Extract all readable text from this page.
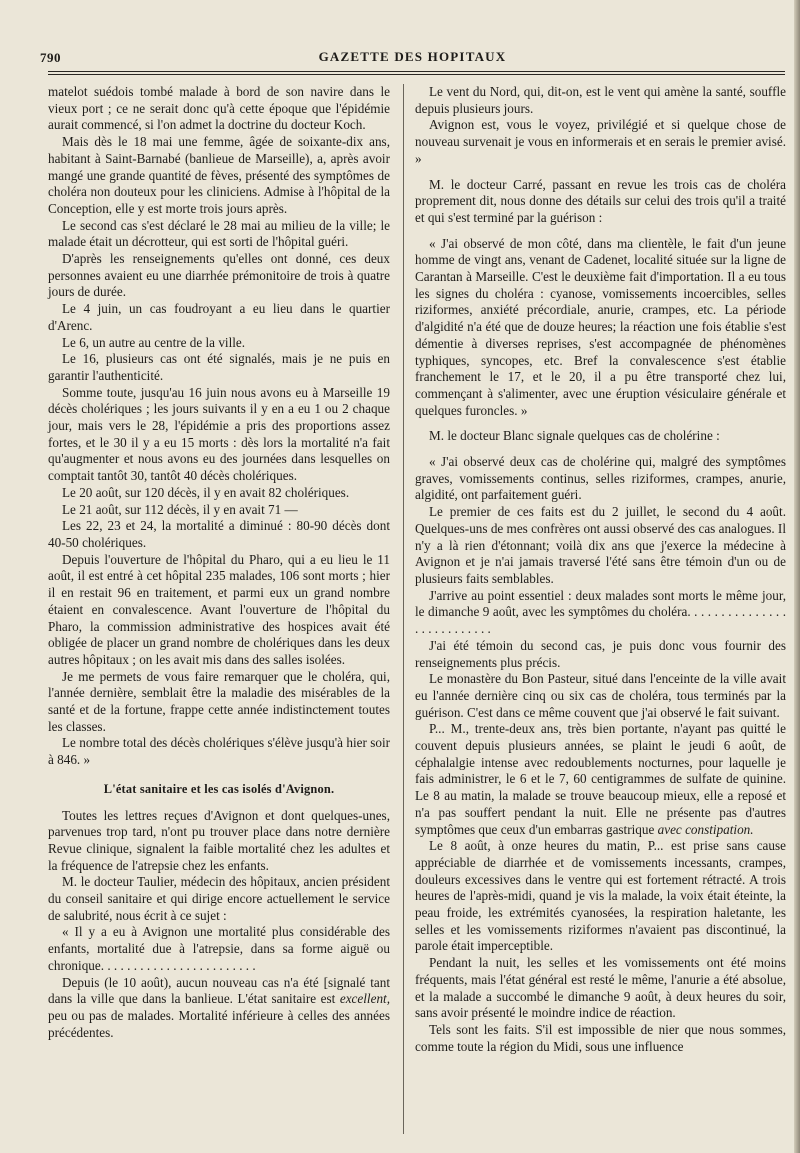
790	GAZETTE DES HOPITAUX

matelot suédois tombé malade à bord de son navire dans le vieux port ; ce ne serait donc qu'à cette époque que l'épidémie aurait commencé, si l'on admet la doctrine du docteur Koch.

Mais dès le 18 mai une femme, âgée de soixante-dix ans, habitant à Saint-Barnabé (banlieue de Marseille), a, après avoir mangé une grande quantité de fèves, présenté des symptômes de choléra non douteux pour les cliniciens. Admise à l'hôpital de la Conception, elle y est morte trois jours après.

Le second cas s'est déclaré le 28 mai au milieu de la ville; le malade était un décrotteur, qui est sorti de l'hôpital guéri.

D'après les renseignements qu'elles ont donné, ces deux personnes avaient eu une diarrhée prémonitoire de trois à quatre jours de durée.

Le 4 juin, un cas foudroyant a eu lieu dans le quartier d'Arenc.

Le 6, un autre au centre de la ville.

Le 16, plusieurs cas ont été signalés, mais je ne puis en garantir l'authenticité.

Somme toute, jusqu'au 16 juin nous avons eu à Marseille 19 décès cholériques ; les jours suivants il y en a eu 1 ou 2 chaque jour, mais vers le 28, l'épidémie a pris des proportions assez fortes, et le 30 il y a eu 15 morts : dès lors la mortalité n'a fait qu'augmenter et nous avons eu des journées dans lesquelles on comptait tantôt 30, tantôt 40 décès cholériques.

Le 20 août, sur 120 décès, il y en avait 82 cholériques.

Le 21 août, sur 112 décès, il y en avait 71 —

Les 22, 23 et 24, la mortalité a diminué : 80-90 décès dont 40-50 cholériques.

Depuis l'ouverture de l'hôpital du Pharo, qui a eu lieu le 11 août, il est entré à cet hôpital 235 malades, 106 sont morts ; hier il en restait 96 en traitement, et parmi eux un grand nombre étaient en convalescence. Avant l'ouverture de l'hôpital du Pharo, la commission administrative des hospices avait été obligée de placer un grand nombre de cholériques dans les deux autres hôpitaux ; on les avait mis dans des salles isolées.

Je me permets de vous faire remarquer que le choléra, qui, l'année dernière, semblait être la maladie des misérables de la santé et de la fortune, frappe cette année indistinctement toutes les classes.

Le nombre total des décès cholériques s'élève jusqu'à hier soir à 846. »

L'état sanitaire et les cas isolés d'Avignon.

Toutes les lettres reçues d'Avignon et dont quelques-unes, parvenues trop tard, n'ont pu trouver place dans notre dernière Revue clinique, signalent la faible mortalité chez les adultes et la fréquence de l'atrepsie chez les enfants.

M. le docteur Taulier, médecin des hôpitaux, ancien président du conseil sanitaire et qui dirige encore actuellement le service de salubrité, nous écrit à ce sujet :

« Il y a eu à Avignon une mortalité plus considérable des enfants, mortalité due à l'atrepsie, dans sa forme aiguë ou chronique. . . . . . . . . . . . . . . . . . . . . . . .

Depuis (le 10 août), aucun nouveau cas n'a été [signalé tant dans la ville que dans la banlieue. L'état sanitaire est excellent, peu ou pas de malades. Mortalité inférieure à celles des années précédentes.

Le vent du Nord, qui, dit-on, est le vent qui amène la santé, souffle depuis plusieurs jours.

Avignon est, vous le voyez, privilégié et si quelque chose de nouveau survenait je vous en informerais et en serais le premier avisé. »

M. le docteur Carré, passant en revue les trois cas de choléra proprement dit, nous donne des détails sur celui des trois qu'il a traité et qui s'est terminé par la guérison :

« J'ai observé de mon côté, dans ma clientèle, le fait d'un jeune homme de vingt ans, venant de Cadenet, localité située sur la ligne de Carantan à Marseille. C'est le deuxième fait d'importation. Il a eu tous les signes du choléra : cyanose, vomissements incoercibles, selles riziformes, anxiété précordiale, anurie, crampes, etc. La période d'algidité n'a été que de douze heures; la réaction une fois établie s'est démentie à diverses reprises, s'est accompagnée de phénomènes typhiques, syncopes, etc. Bref la convalescence s'est établie franchement le 17, et le 20, il a pu être transporté chez lui, commençant à s'alimenter, avec une éruption vésiculaire générale et quelques furoncles. »

M. le docteur Blanc signale quelques cas de cholérine :

« J'ai observé deux cas de cholérine qui, malgré des symptômes graves, vomissements continus, selles riziformes, crampes, anurie, algidité, ont parfaitement guéri.

Le premier de ces faits est du 2 juillet, le second du 4 août. Quelques-uns de mes confrères ont aussi observé des cas analogues. Il n'y a là rien d'étonnant; voilà dix ans que j'exerce la médecine à Avignon et je n'ai jamais traversé l'été sans être témoin d'un ou de plusieurs faits semblables.

J'arrive au point essentiel : deux malades sont morts le même jour, le dimanche 9 août, avec les symptômes du choléra. . . . . . . . . . . . . . . . . . . . . . . . . . .

J'ai été témoin du second cas, je puis donc vous fournir des renseignements plus précis.

Le monastère du Bon Pasteur, situé dans l'enceinte de la ville avait eu l'année dernière cinq ou six cas de choléra, tous terminés par la guérison. C'est dans ce même couvent que j'ai observé le fait suivant.

P... M., trente-deux ans, très bien portante, n'ayant pas quitté le couvent depuis plusieurs années, se plaint le jeudi 6 août, de céphalalgie intense avec redoublements nocturnes, pour laquelle je fais administrer, le 6 et le 7, 60 centigrammes de sulfate de quinine. Le 8 au matin, la malade se trouve beaucoup mieux, elle a reposé et n'a pas souffert pendant la nuit. Elle ne présente pas d'autres symptômes que ceux d'un embarras gastrique avec constipation.

Le 8 août, à onze heures du matin, P... est prise sans cause appréciable de diarrhée et de vomissements incessants, crampes, douleurs excessives dans le ventre qui est fortement rétracté. A trois heures de l'après-midi, quand je vis la malade, la voix était éteinte, la peau froide, les extrémités cyanosées, la respiration haletante, les selles et les vomissements riziformes n'avaient pas discontinué, la parole était imperceptible.

Pendant la nuit, les selles et les vomissements ont été moins fréquents, mais l'état général est resté le même, l'anurie a été absolue, et la malade a succombé le dimanche 9 août, à deux heures du soir, sans avoir présenté le moindre indice de réaction.

Tels sont les faits. S'il est impossible de nier que nous sommes, comme toute la région du Midi, sous une influence
